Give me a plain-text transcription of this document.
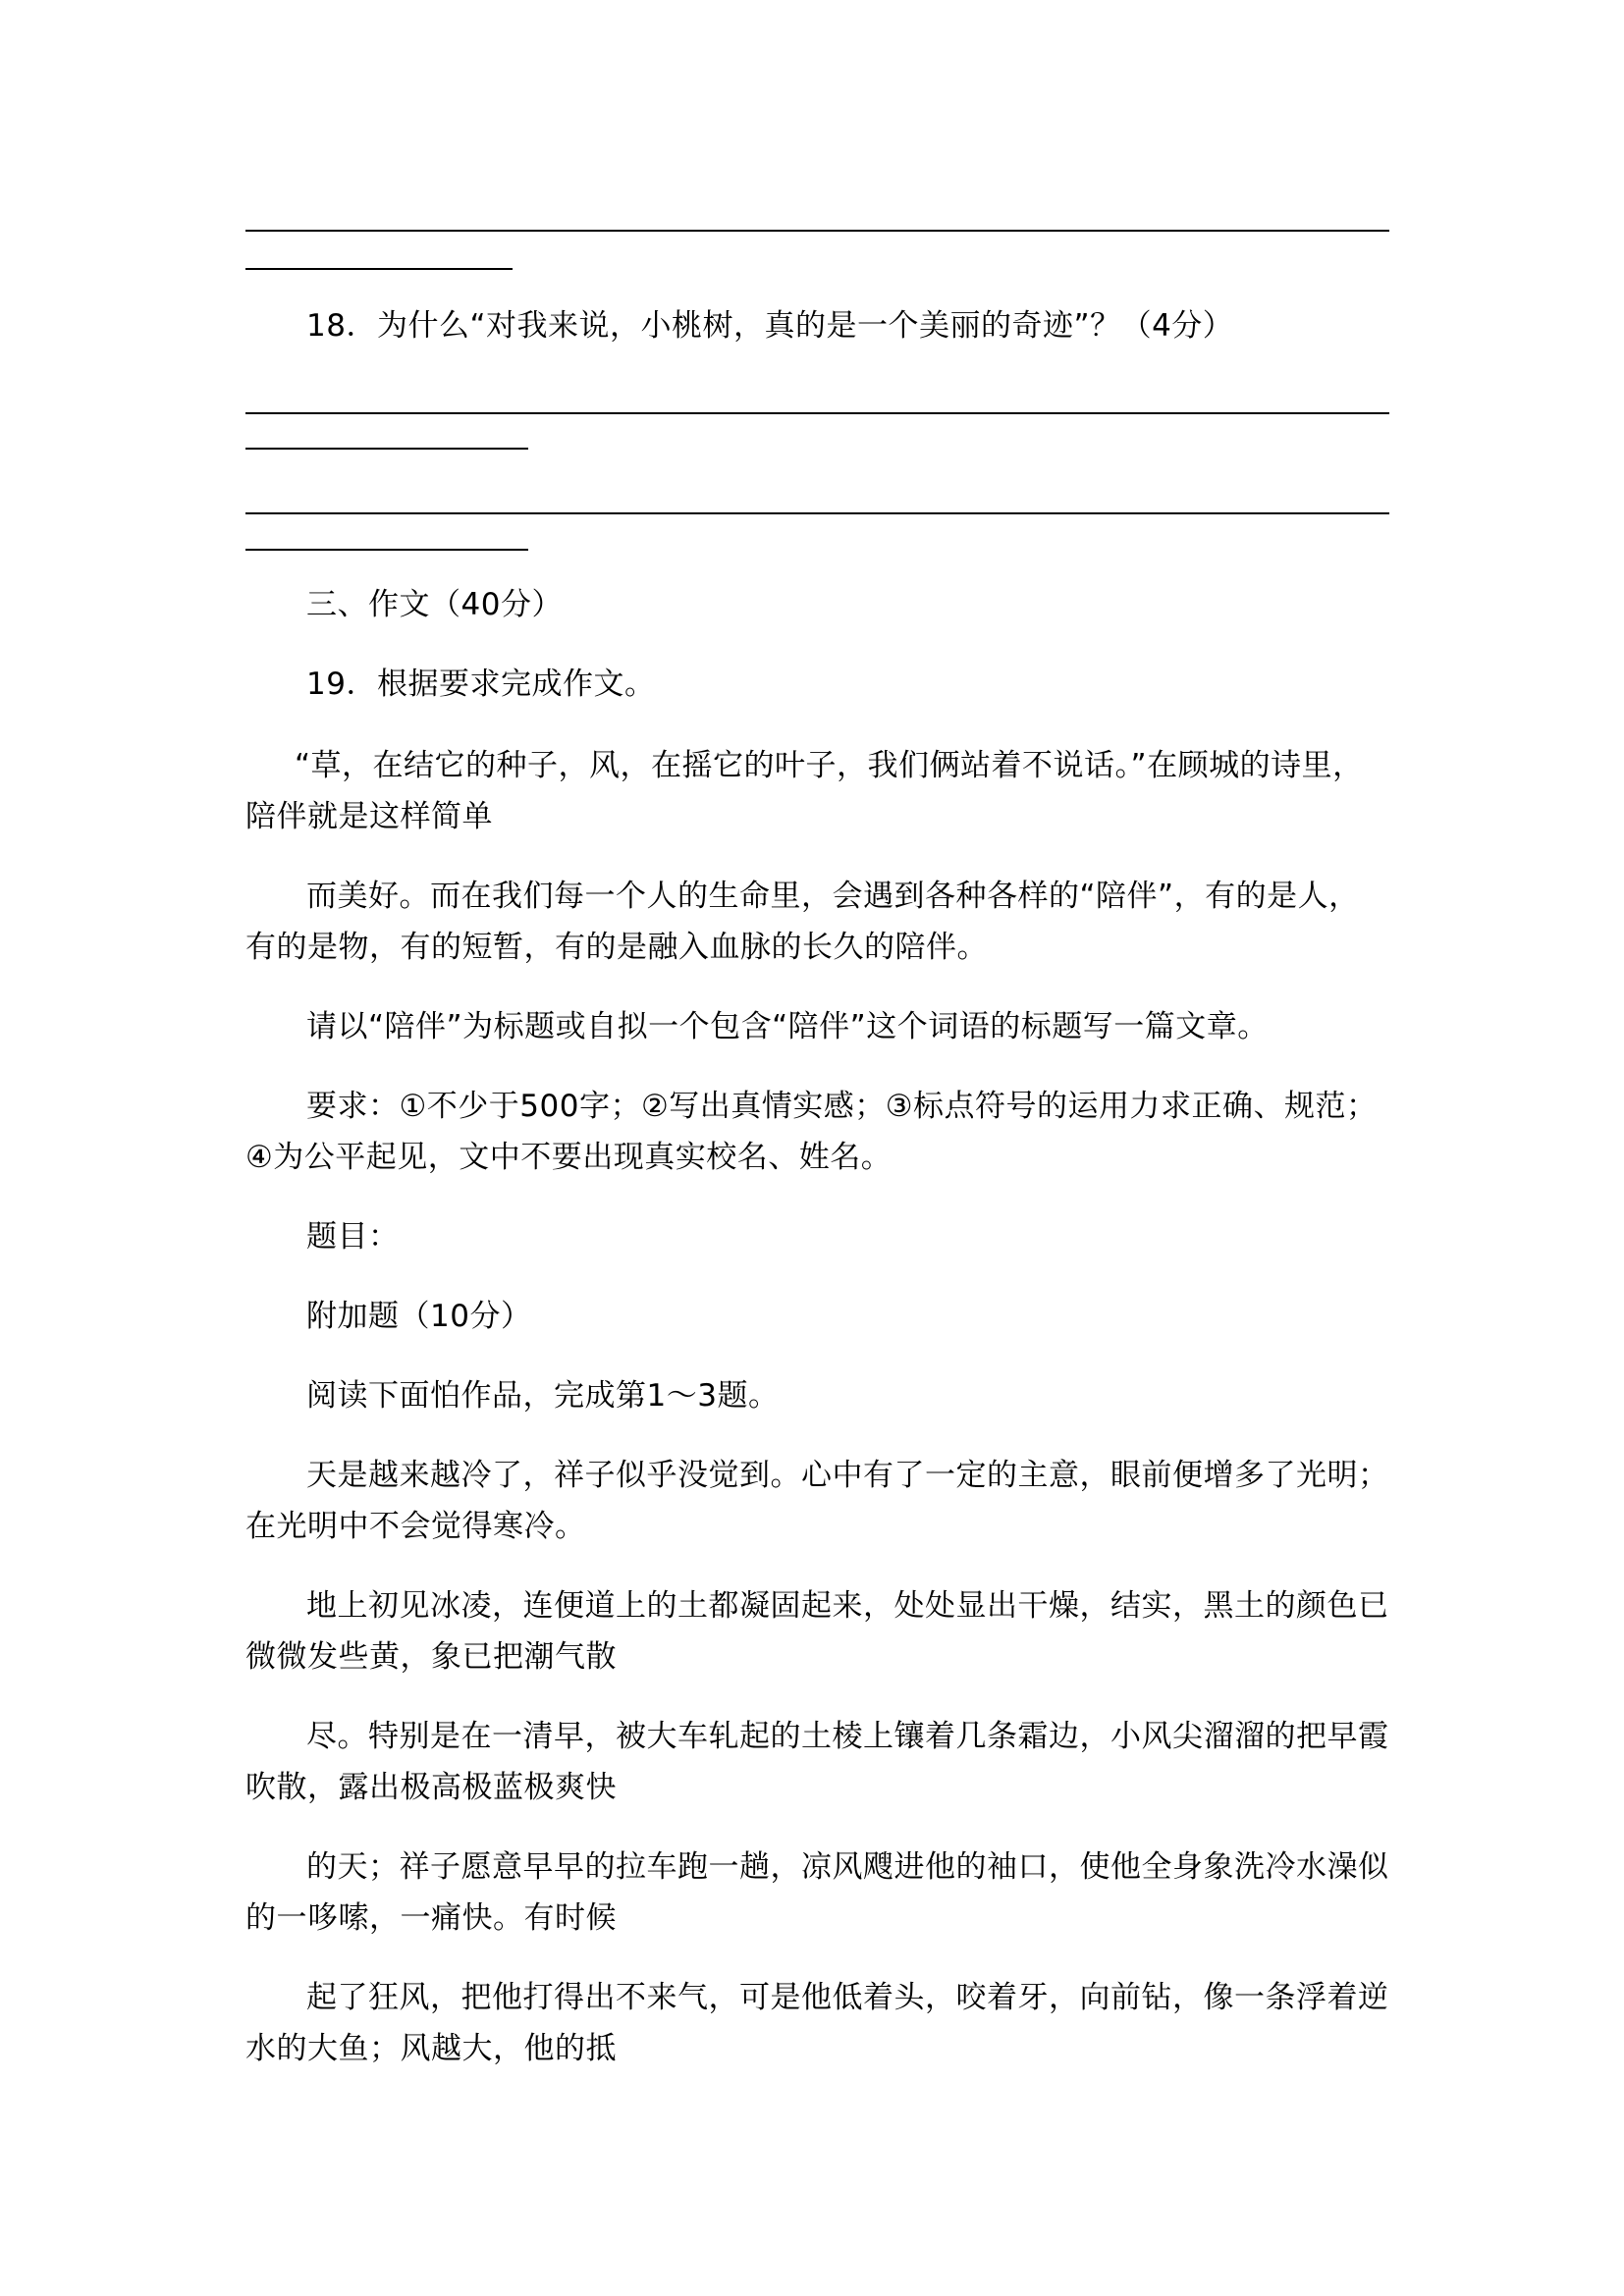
18．为什么“对我来说，小桃树，真的是一个美丽的奇迹”？（4分）
三、作文（40分）
19．根据要求完成作文。
“草，在结它的种子，风，在摇它的叶子，我们俩站着不说话。”在顾城的诗里，
陪伴就是这样简单
而美好。而在我们每一个人的生命里，会遇到各种各样的“陪伴”，有的是人，
有的是物，有的短暂，有的是融入血脉的长久的陪伴。
请以“陪伴”为标题或自拟一个包含“陪伴”这个词语的标题写一篇文章。
要求：①不少于500字；②写出真情实感；③标点符号的运用力求正确、规范；
④为公平起见，文中不要出现真实校名、姓名。
题目：
附加题（10分）
阅读下面怕作品，完成第1～3题。
天是越来越冷了，祥子似乎没觉到。心中有了一定的主意，眼前便增多了光明；
在光明中不会觉得寒冷。
地上初见冰凌，连便道上的土都凝固起来，处处显出干燥，结实，黑土的颜色已
微微发些黄，象已把潮气散
尽。特别是在一清早，被大车轧起的土棱上镶着几条霜边，小风尖溜溜的把早霞
吹散，露出极高极蓝极爽快
的天；祥子愿意早早的拉车跑一趟，凉风飕进他的袖口，使他全身象洗冷水澡似
的一哆嗦，一痛快。有时候
起了狂风，把他打得出不来气，可是他低着头，咬着牙，向前钻，像一条浮着逆
水的大鱼；风越大，他的抵
